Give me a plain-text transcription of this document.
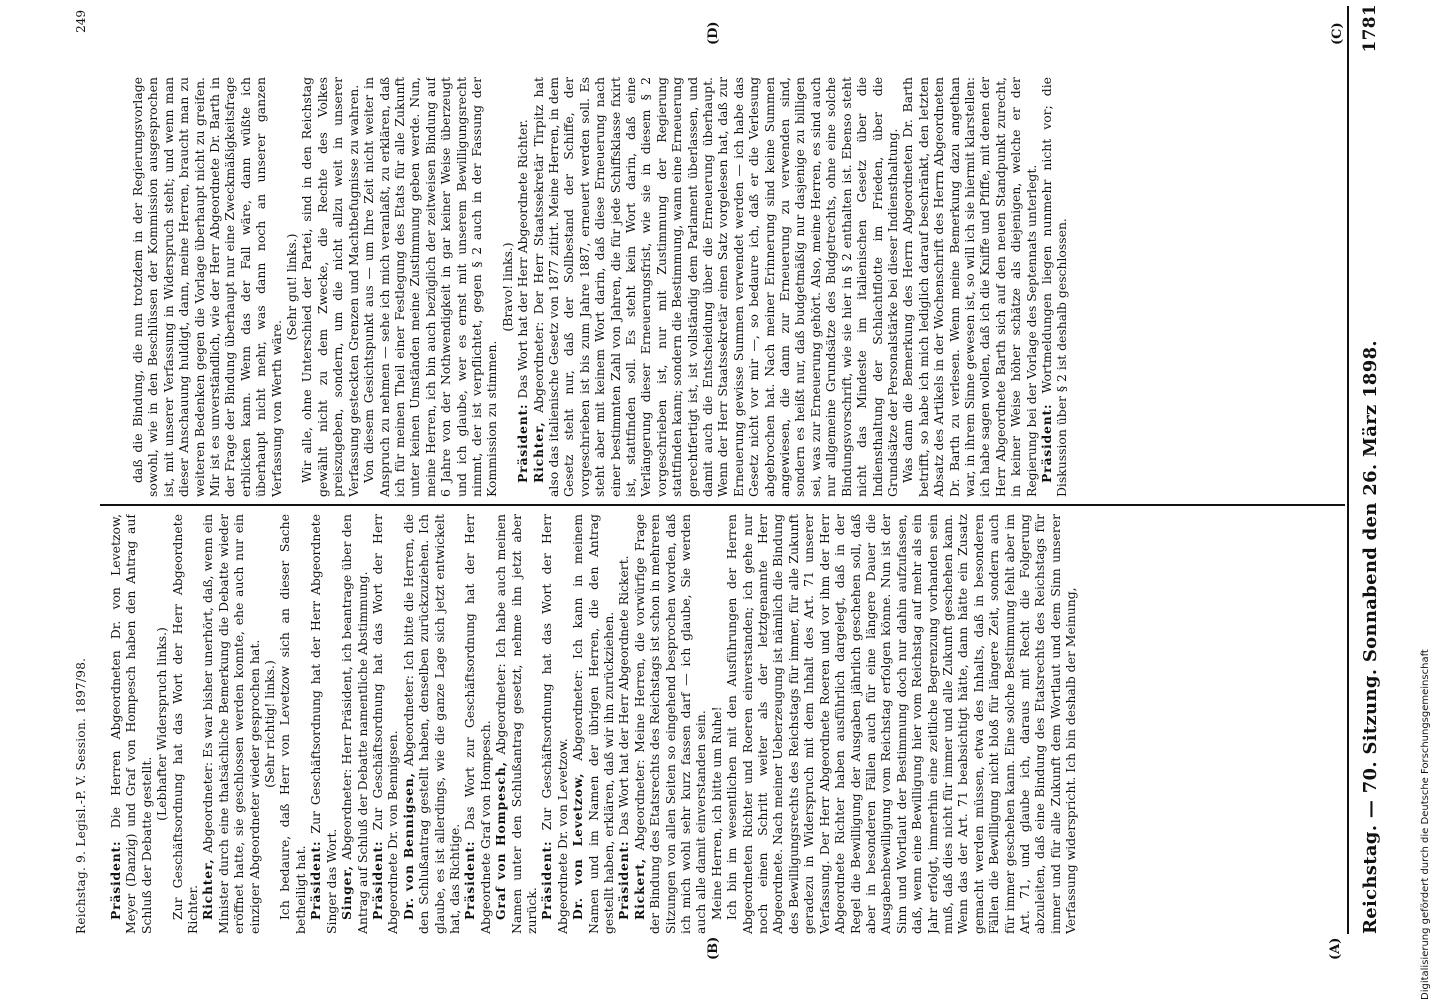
Reichstag. — 70. Sitzung. Sonnabend den 26. März 1898.
1781
(A)
(B)
(C)
(D)

Präsident: Die Herren Abgeordneten Dr. von Levetzow, Meyer (Danzig) und Graf von Hompesch haben den Antrag auf Schluß der Debatte gestellt.

(Lebhafter Widerspruch links.) Zur Geschäftsordnung hat das Wort der Herr Abgeordnete Richter. Richter, Abgeordneter: Es war bisher unerhört, daß, wenn ein Minister durch eine thatsächliche Bemerkung die Debatte wieder eröffnet hatte, sie geschlossen werden konnte, ehe auch nur ein einziger Abgeordneter wieder gesprochen hat. (Sehr richtig! links.) Ich bedaure, daß Herr von Levetzow sich an dieser Sache betheiligt hat. Präsident: Zur Geschäftsordnung hat der Herr Abgeordnete Singer das Wort. Singer, Abgeordneter: Herr Präsident, ich beantrage über den Antrag auf Schluß der Debatte namentliche Abstimmung. Präsident: Zur Geschäftsordnung hat das Wort der Herr Abgeordnete Dr. von Bennigsen. Dr. von Bennigsen, Abgeordneter: Ich bitte die Herren, die den Schlußantrag gestellt haben, denselben zurückzuziehen. Ich glaube, es ist allerdings, wie die ganze Lage sich jetzt entwickelt hat, das Richtige. Präsident: Das Wort zur Geschäftsordnung hat der Herr Abgeordnete Graf von Hompesch. Graf von Hompesch, Abgeordneter: Ich habe auch meinen Namen unter den Schlußantrag gesetzt, nehme ihn jetzt aber zurück. Präsident: Zur Geschäftsordnung hat das Wort der Herr Abgeordnete Dr. von Levetzow. Dr. von Levetzow, Abgeordneter: Ich kann in meinem Namen und im Namen der übrigen Herren, die den Antrag gestellt haben, erklären, daß wir ihn zurückziehen. Präsident: Das Wort hat der Herr Abgeordnete Rickert.

Rickert, Abgeordneter: Meine Herren, die vorwürfige Frage der Bindung des Etatsrechts des Reichstags ist schon in mehreren Sitzungen von allen Seiten so eingehend besprochen worden, daß ich mich wohl sehr kurz fassen darf — ich glaube, Sie werden auch alle damit einverstanden sein. Meine Herren, ich bitte um Ruhe! Ich bin im wesentlichen mit den Ausführungen der Herren Abgeordneten Richter und Roeren einverstanden; ich gehe nur noch einen Schritt weiter als der letztgenannte Herr Abgeordnete. Nach meiner Ueberzeugung ist nämlich die Bindung des Bewilligungsrechts des Reichstags für immer, für alle Zukunft geradezu in Widerspruch mit dem Inhalt des Art. 71 unserer Verfassung. Der Herr Abgeordnete Roeren und vor ihm der Herr Abgeordnete Richter haben ausführlich dargelegt, daß in der Regel die Bewilligung der Ausgaben jährlich geschehen soll, daß aber in besonderen Fällen auch für eine längere Dauer die Ausgabenbewilligung vom Reichstag erfolgen könne. Nun ist der Sinn und Wortlaut der Bestimmung doch nur dahin aufzufassen, daß, wenn eine Bewilligung hier vom Reichstag auf mehr als ein Jahr erfolgt, immerhin eine zeitliche Begrenzung vorhanden sein muß, daß dies nicht für immer und alle Zukunft geschehen kann. Wenn das der Art. 71 beabsichtigt hätte, dann hätte ein Zusatz gemacht werden müssen, etwa des Inhalts, daß in besonderen Fällen die Bewilligung nicht bloß für längere Zeit, sondern auch für immer geschehen kann. Eine solche Bestimmung fehlt aber im Art. 71, und glaube ich, daraus mit Recht die Folgerung abzuleiten, daß eine Bindung des Etatsrechts des Reichstags für immer und für alle Zukunft dem Wortlaut und dem Sinn unserer Verfassung widerspricht. Ich bin deshalb der Meinung,

daß die Bindung, die nun trotzdem in der Regierungsvorlage sowohl, wie in den Beschlüssen der Kommission ausgesprochen ist, mit unserer Verfassung in Widerspruch steht; und wenn man dieser Anschauung huldigt, dann, meine Herren, braucht man zu weiteren Bedenken gegen die Vorlage überhaupt nicht zu greifen. Mir ist es unverständlich, wie der Herr Abgeordnete Dr. Barth in der Frage der Bindung überhaupt nur eine Zweckmäßigkeitsfrage erblicken kann. Wenn das der Fall wäre, dann wüßte ich überhaupt nicht mehr, was dann noch an unserer ganzen Verfassung von Werth wäre.

(Sehr gut! links.) Wir alle, ohne Unterschied der Partei, sind in den Reichstag gewählt nicht zu dem Zwecke, die Rechte des Volkes preiszugeben, sondern, um die nicht allzu weit in unserer Verfassung gesteckten Grenzen und Machtbefugnisse zu wahren. Von diesem Gesichtspunkt aus — um Ihre Zeit nicht weiter in Anspruch zu nehmen — sehe ich mich veranlaßt, zu erklären, daß ich für meinen Theil einer Festlegung des Etats für alle Zukunft unter keinen Umständen meine Zustimmung geben werde. Nun, meine Herren, ich bin auch bezüglich der zeitweisen Bindung auf 6 Jahre von der Nothwendigkeit in gar keiner Weise überzeugt und ich glaube, wer es ernst mit unserem Bewilligungsrecht nimmt, der ist verpflichtet, gegen § 2 auch in der Fassung der Kommission zu stimmen.

(Bravo! links.)

Präsident: Das Wort hat der Herr Abgeordnete Richter.

Richter, Abgeordneter: Der Herr Staatssekretär Tirpitz hat also das italienische Gesetz von 1877 zitirt. Meine Herren, in dem Gesetz steht nur, daß der Sollbestand der Schiffe, der vorgeschrieben ist bis zum Jahre 1887, erneuert werden soll. Es steht aber mit keinem Wort darin, daß diese Erneuerung nach einer bestimmten Zahl von Jahren, die für jede Schiffsklasse fixirt ist, stattfinden soll. Es steht kein Wort darin, daß eine Verlängerung dieser Erneuerungsfrist, wie sie in diesem § 2 vorgeschrieben ist, nur mit Zustimmung der Regierung stattfinden kann; sondern die Bestimmung, wann eine Erneuerung gerechtfertigt ist, ist vollständig dem Parlament überlassen, und damit auch die Entscheidung über die Erneuerung überhaupt. Wenn der Herr Staatssekretär einen Satz vorgelesen hat, daß zur Erneuerung gewisse Summen verwendet werden — ich habe das Gesetz nicht vor mir —, so bedaure ich, daß er die Verlesung abgebrochen hat. Nach meiner Erinnerung sind keine Summen angewiesen, die dann zur Erneuerung zu verwenden sind, sondern es heißt nur, daß budgetmäßig nur dasjenige zu billigen sei, was zur Erneuerung gehört. Also, meine Herren, es sind auch nur allgemeine Grundsätze des Budgetrechts, ohne eine solche Bindungsvorschrift, wie sie hier in § 2 enthalten ist. Ebenso steht nicht das Mindeste im italienischen Gesetz über die Indiensthaltung der Schlachtflotte im Frieden, über die Grundsätze der Personalstärke bei dieser Indiensthaltung. Was dann die Bemerkung des Herrn Abgeordneten Dr. Barth betrifft, so habe ich mich lediglich darauf beschränkt, den letzten Absatz des Artikels in der Wochenschrift des Herrn Abgeordneten Dr. Barth zu verlesen. Wenn meine Bemerkung dazu angethan war, in ihrem Sinne gewesen ist, so will ich sie hiermit klarstellen: ich habe sagen wollen, daß ich die Kniffe und Pfiffe, mit denen der Herr Abgeordnete Barth sich auf den neuen Standpunkt zurecht, in keiner Weise höher schätze als diejenigen, welche er der Regierung bei der Vorlage des Septennats unterlegt. Präsident: Wortmeldungen liegen nunmehr nicht vor; die Diskussion über § 2 ist deshalb geschlossen.

Reichstag. 9. Legisl.-P. V. Session. 1897/98.
249
Digitalisierung gefördert durch die Deutsche Forschungsgemeinschaft
